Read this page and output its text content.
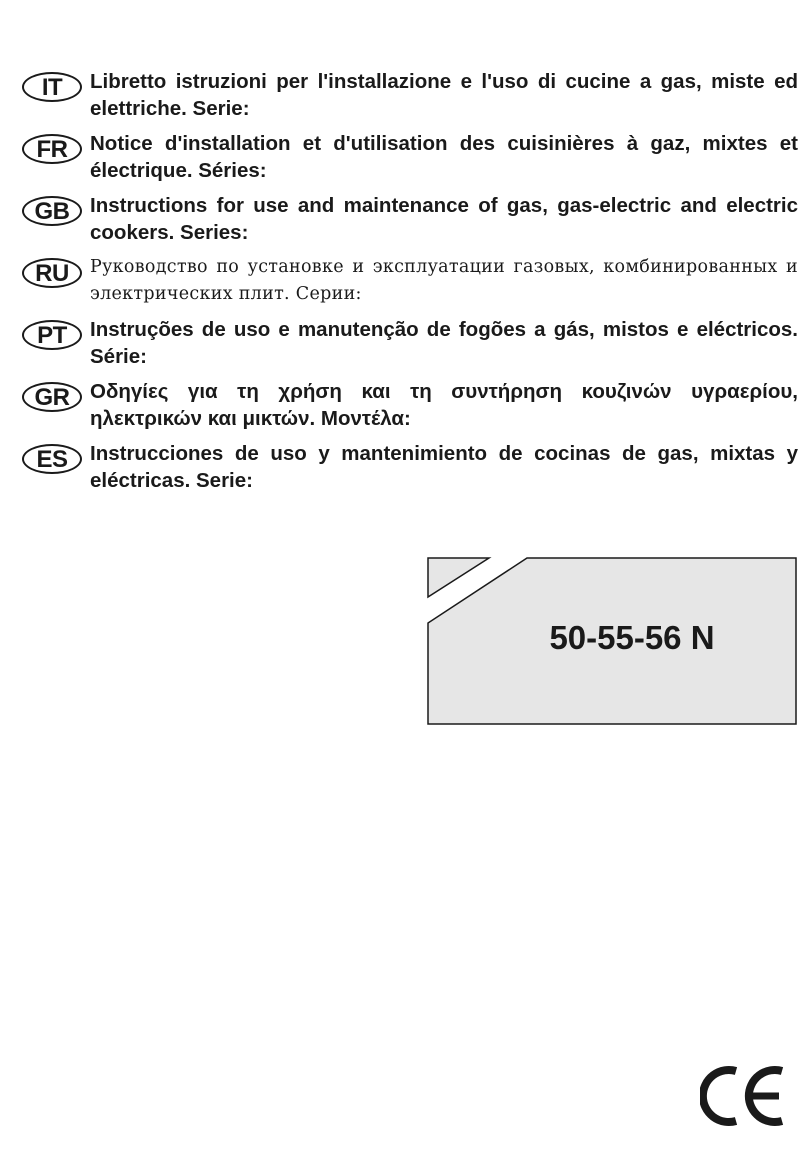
IT	Libretto istruzioni per l'installazione e l'uso di cucine a gas, miste ed elettriche. Serie:
FR	Notice d'installation et d'utilisation des cuisinières à gaz, mixtes et électrique. Séries:
GB	Instructions for use and maintenance of gas, gas-electric and electric cookers. Series:
RU	Руководство по установке и эксплуатации газовых, комбинированных и электрических плит. Серии:
PT	Instruções de uso e manutenção de fogões a gás, mistos e eléctricos. Série:
GR	Οδηγίες για τη χρήση και τη συντήρηση κουζινών υγραερίου, ηλεκτρικών και μικτών. Μοντέλα:
ES	Instrucciones de uso y mantenimiento de cocinas de gas, mixtas y eléctricas. Serie:
50-55-56 N
